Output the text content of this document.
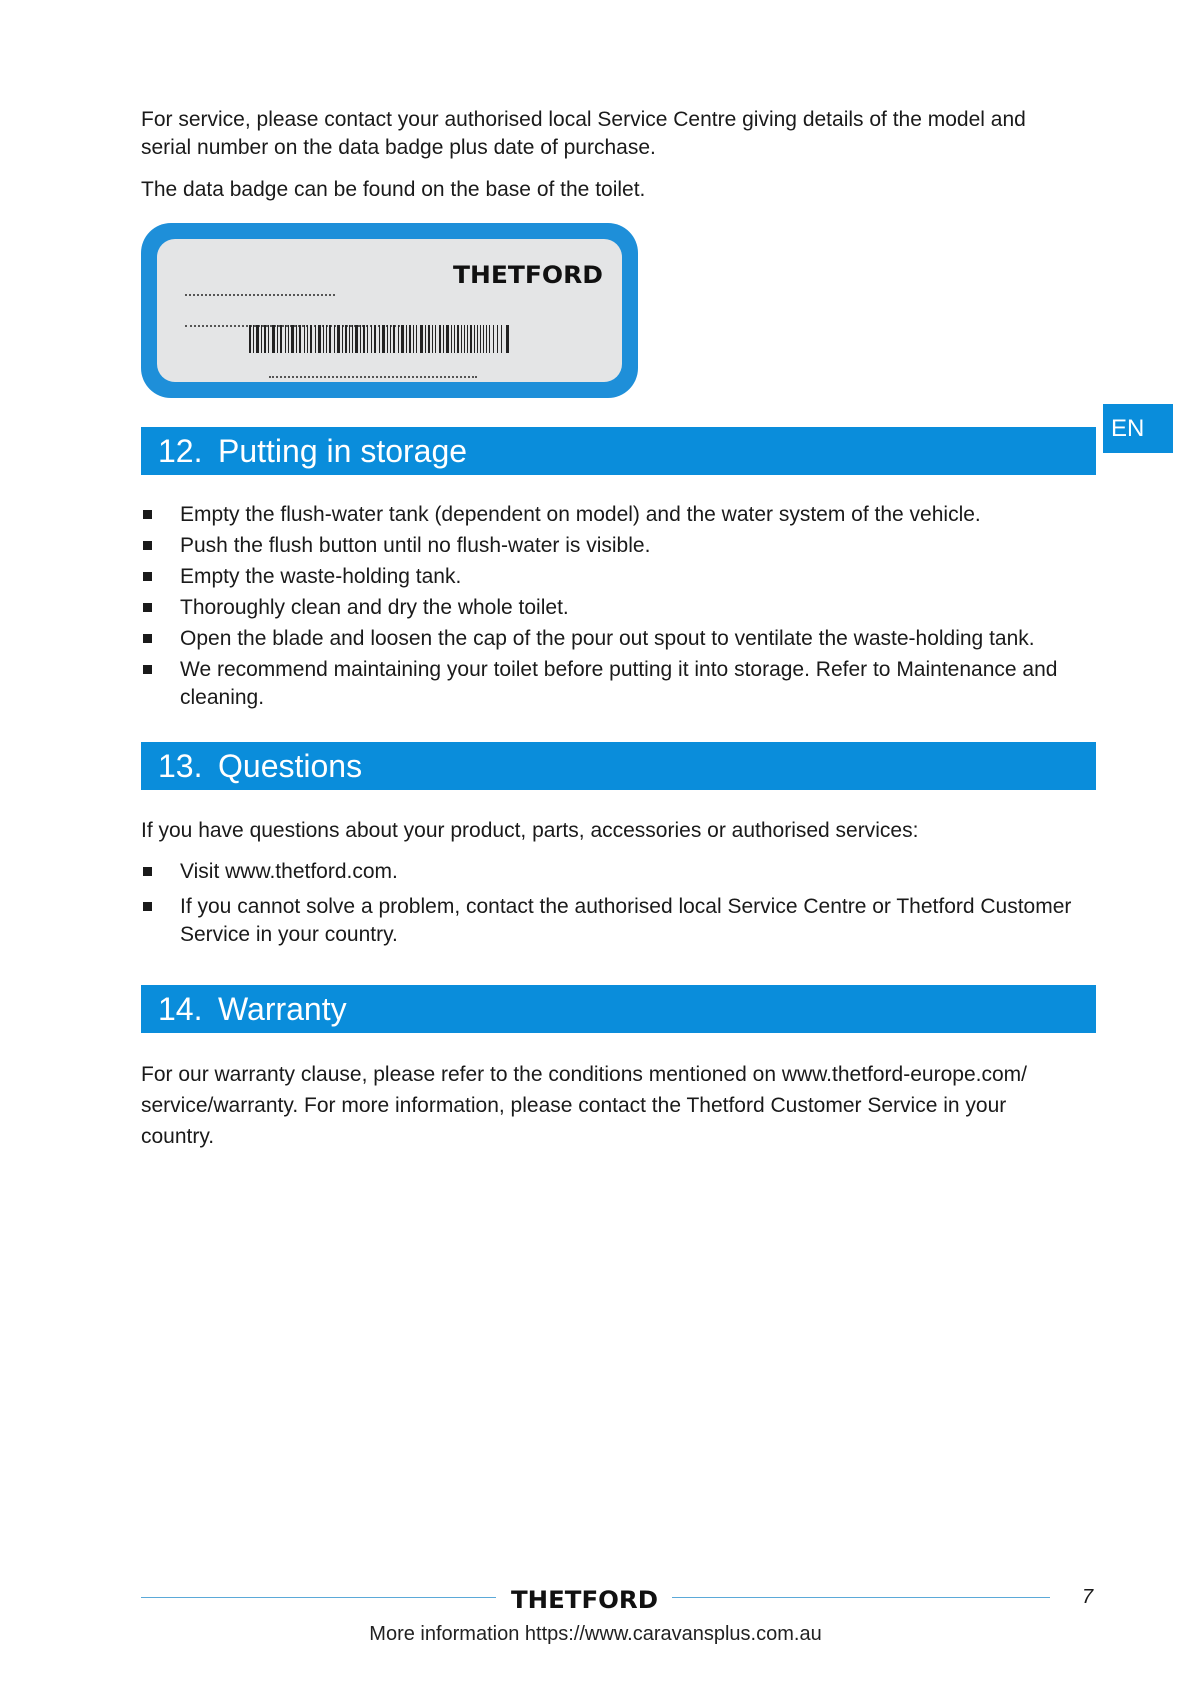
For service, please contact your authorised local Service Centre giving details of the model and serial number on the data badge plus date of purchase.

The data badge can be found on the base of the toilet.

THETFORD
EN
12. Putting in storage
Empty the flush-water tank (dependent on model) and the water system of the vehicle.
Push the flush button until no flush-water is visible.
Empty the waste-holding tank.
Thoroughly clean and dry the whole toilet.
Open the blade and loosen the cap of the pour out spout to ventilate the waste-holding tank.
We recommend maintaining your toilet before putting it into storage. Refer to Maintenance and cleaning.
13. Questions

If you have questions about your product, parts, accessories or authorised services:

Visit www.thetford.com.
If you cannot solve a problem, contact the authorised local Service Centre or Thetford Customer Service in your country.
14. Warranty

For our warranty clause, please refer to the conditions mentioned on www.thetford-europe.com/ service/warranty. For more information, please contact the Thetford Customer Service in your country.

THETFORD	7
More information https://www.caravansplus.com.au
